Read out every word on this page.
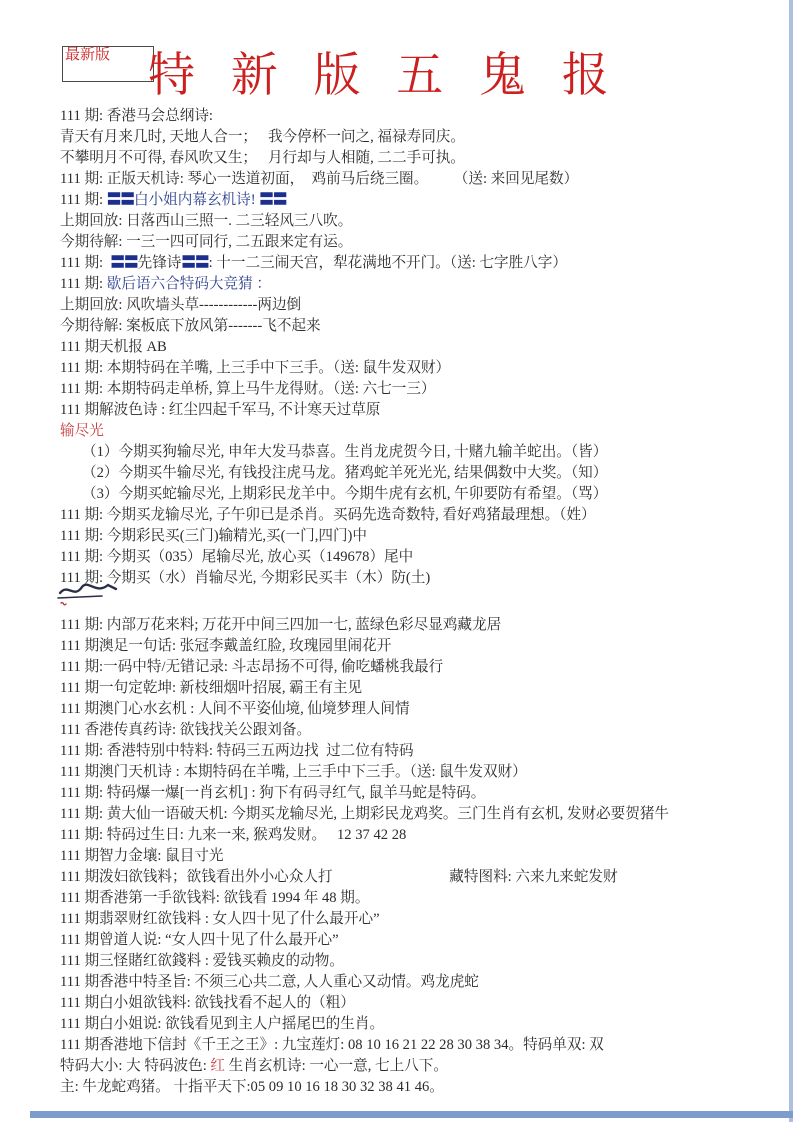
最新版 特 新 版 五 鬼 报
111 期: 香港马会总纲诗:
青天有月来几时, 天地人合一；　 我今停杯一问之, 福禄寿同庆。
不攀明月不可得, 春风吹又生；　 月行却与人相随, 二二手可执。
111 期: 正版天机诗: 琴心一迭道初面，  鸡前马后绕三圈。　　 （送: 来回见尾数）
111 期: 〓〓白小姐内幕玄机诗! 〓〓
上期回放: 日落西山三照一. 二三轻风三八吹。
今期待解: 一三一四可同行, 二五跟来定有运。
111 期:  〓〓先锋诗〓〓: 十一二三闹天宫，犁花满地不开门。（送: 七字胜八字）
111 期: 歇后语六合特码大竞猜 ：
上期回放: 风吹墙头草------------两边倒
今期待解: 案板底下放风第-------飞不起来
111 期天机报 AB
111 期: 本期特码在羊嘴, 上三手中下三手。（送: 鼠牛发双财）
111 期: 本期特码走单桥, 算上马牛龙得财。（送: 六七一三）
111 期解波色诗 : 红尘四起千军马, 不计寒天过草原
输尽光
（1）今期买狗输尽光, 申年大发马恭喜。生肖龙虎贺今日, 十赌九输羊蛇出。（皆）
（2）今期买牛输尽光, 有钱投注虎马龙。猪鸡蛇羊死光光, 结果偶数中大奖。（知）
（3）今期买蛇输尽光, 上期彩民龙羊中。今期牛虎有玄机, 午卯要防有希望。（骂）
111 期: 今期买龙输尽光, 子午卯已是杀肖。买码先选奇数特, 看好鸡猪最理想。（姓）
111 期: 今期彩民买(三门)输精光,买(一门,四门)中
111 期: 今期买（035）尾输尽光, 放心买（149678）尾中
111 期: 今期买（水）肖输尽光, 今期彩民买丰（木）防(土)

111 期: 内部万花来料; 万花开中间三四加一七, 蓝绿色彩尽显鸡藏龙居
111 期澳足一句话: 张冠李戴盖红脸, 玫瑰园里闹花开
111 期:一码中特/无错记录: 斗志昂扬不可得, 偷吃蟠桃我最行
111 期一句定乾坤: 新枝细烟叶招展, 霸王有主见
111 期澳门心水玄机 : 人间不平姿仙境, 仙境梦理人间情
111 香港传真药诗: 欲钱找关公跟刘备。
111 期: 香港特别中特料: 特码三五两边找  过二位有特码
111 期澳门天机诗 : 本期特码在羊嘴, 上三手中下三手。（送: 鼠牛发双财）
111 期: 特码爆一爆[一肖玄机] : 狗下有码寻红气, 鼠羊马蛇是特码。
111 期: 黄大仙一语破天机: 今期买龙输尽光, 上期彩民龙鸡奖。三门生肖有玄机, 发财必要贺猪牛
111 期: 特码过生日: 九来一来, 猴鸡发财。　 12 37 42 28
111 期智力金壤: 鼠目寸光
111 期泼妇欲钱料；欲钱看出外小心众人打　　　　　　　　藏特图料: 六来九来蛇发财
111 期香港第一手欲钱料: 欲钱看 1994 年 48 期。
111 期翡翠财红欲钱料 : 女人四十见了什么最开心”
111 期曾道人说: “女人四十见了什么最开心”
111 期三怪賭红欲錢料 : 爱钱买赖皮的动物。
111 期香港中特圣旨: 不须三心共二意, 人人重心又动情。鸡龙虎蛇
111 期白小姐欲钱料: 欲钱找看不起人的（粗）
111 期白小姐说: 欲钱看见到主人户摇尾巴的生肖。
111 期香港地下信封《千王之王》: 九宝莲灯: 08 10 16 21 22 28 30 38 34。特码单双: 双
特码大小: 大 特码波色: 红 生肖玄机诗: 一心一意, 七上八下。
主: 牛龙蛇鸡猪。 十指平天下:05 09 10 16 18 30 32 38 41 46。
